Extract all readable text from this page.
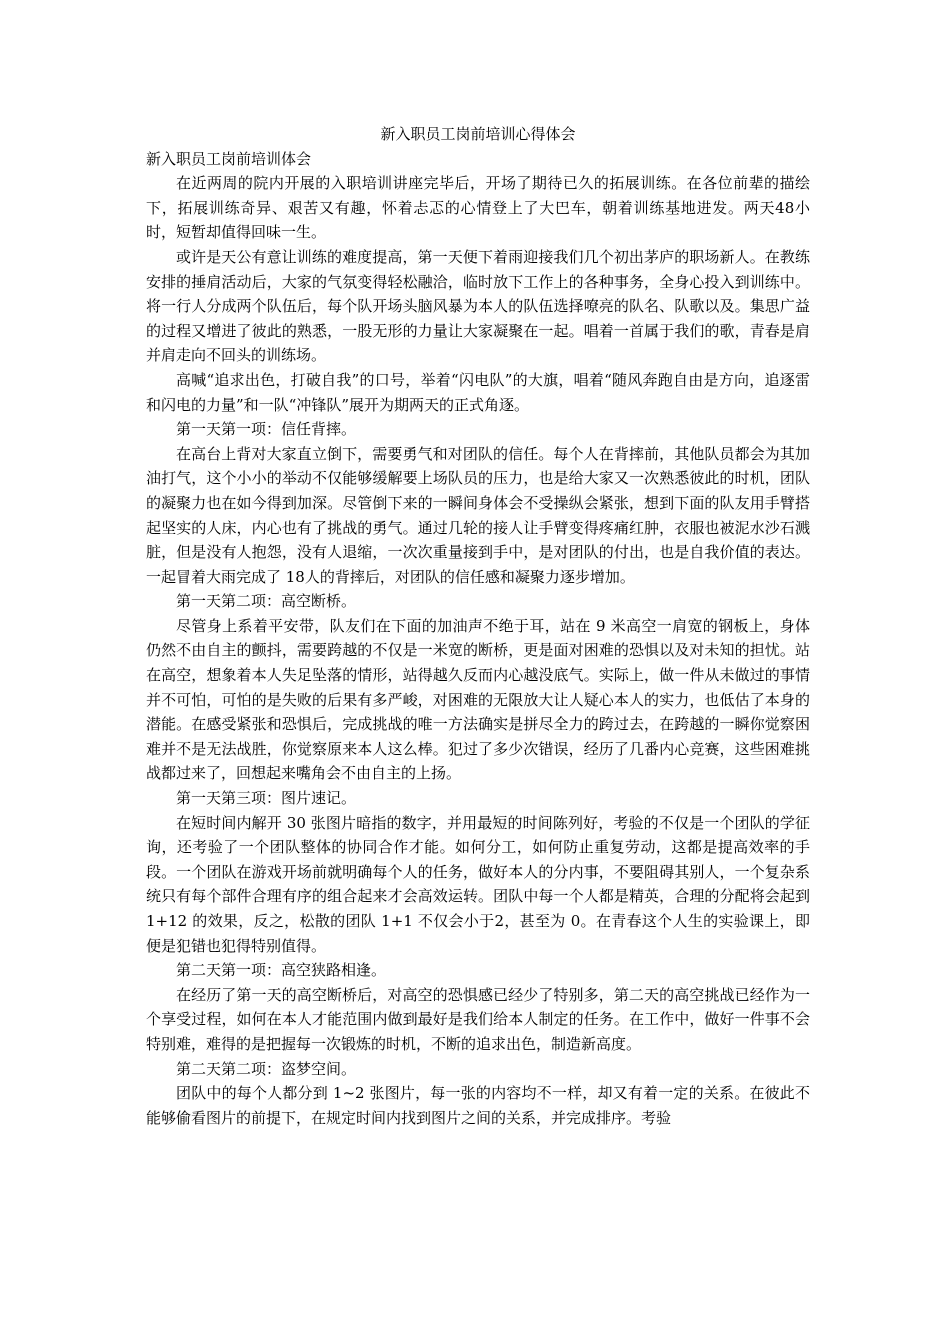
新入职员工岗前培训心得体会

新入职员工岗前培训体会

在近两周的院内开展的入职培训讲座完毕后，开场了期待已久的拓展训练。在各位前辈的描绘下，拓展训练奇异、艰苦又有趣，怀着忐忑的心情登上了大巴车，朝着训练基地进发。两天48小时，短暂却值得回味一生。

或许是天公有意让训练的难度提高，第一天便下着雨迎接我们几个初出茅庐的职场新人。在教练安排的捶肩活动后，大家的气氛变得轻松融洽，临时放下工作上的各种事务，全身心投入到训练中。将一行人分成两个队伍后，每个队开场头脑风暴为本人的队伍选择嘹亮的队名、队歌以及。集思广益的过程又增进了彼此的熟悉，一股无形的力量让大家凝聚在一起。唱着一首属于我们的歌，青春是肩并肩走向不回头的训练场。

高喊“追求出色，打破自我”的口号，举着“闪电队”的大旗，唱着“随风奔跑自由是方向，追逐雷和闪电的力量”和一队“冲锋队”展开为期两天的正式角逐。

第一天第一项：信任背摔。

在高台上背对大家直立倒下，需要勇气和对团队的信任。每个人在背摔前，其他队员都会为其加油打气，这个小小的举动不仅能够缓解要上场队员的压力，也是给大家又一次熟悉彼此的时机，团队的凝聚力也在如今得到加深。尽管倒下来的一瞬间身体会不受操纵会紧张，想到下面的队友用手臂搭起坚实的人床，内心也有了挑战的勇气。通过几轮的接人让手臂变得疼痛红肿，衣服也被泥水沙石溅脏，但是没有人抱怨，没有人退缩，一次次重量接到手中，是对团队的付出，也是自我价值的表达。一起冒着大雨完成了 18人的背摔后，对团队的信任感和凝聚力逐步增加。

第一天第二项：高空断桥。

尽管身上系着平安带，队友们在下面的加油声不绝于耳，站在 9 米高空一肩宽的钢板上，身体仍然不由自主的颤抖，需要跨越的不仅是一米宽的断桥，更是面对困难的恐惧以及对未知的担忧。站在高空，想象着本人失足坠落的情形，站得越久反而内心越没底气。实际上，做一件从未做过的事情并不可怕，可怕的是失败的后果有多严峻，对困难的无限放大让人疑心本人的实力，也低估了本身的潜能。在感受紧张和恐惧后，完成挑战的唯一方法确实是拼尽全力的跨过去，在跨越的一瞬你觉察困难并不是无法战胜，你觉察原来本人这么棒。犯过了多少次错误，经历了几番内心竞赛，这些困难挑战都过来了，回想起来嘴角会不由自主的上扬。

第一天第三项：图片速记。

在短时间内解开 30 张图片暗指的数字，并用最短的时间陈列好，考验的不仅是一个团队的学征询，还考验了一个团队整体的协同合作才能。如何分工，如何防止重复劳动，这都是提高效率的手段。一个团队在游戏开场前就明确每个人的任务，做好本人的分内事，不要阻碍其别人，一个复杂系统只有每个部件合理有序的组合起来才会高效运转。团队中每一个人都是精英，合理的分配将会起到 1+12 的效果，反之，松散的团队 1+1 不仅会小于2，甚至为 0。在青春这个人生的实验课上，即便是犯错也犯得特别值得。

第二天第一项：高空狭路相逢。

在经历了第一天的高空断桥后，对高空的恐惧感已经少了特别多，第二天的高空挑战已经作为一个享受过程，如何在本人才能范围内做到最好是我们给本人制定的任务。在工作中，做好一件事不会特别难，难得的是把握每一次锻炼的时机，不断的追求出色，制造新高度。

第二天第二项：盗梦空间。

团队中的每个人都分到 1~2 张图片，每一张的内容均不一样，却又有着一定的关系。在彼此不能够偷看图片的前提下，在规定时间内找到图片之间的关系，并完成排序。考验
